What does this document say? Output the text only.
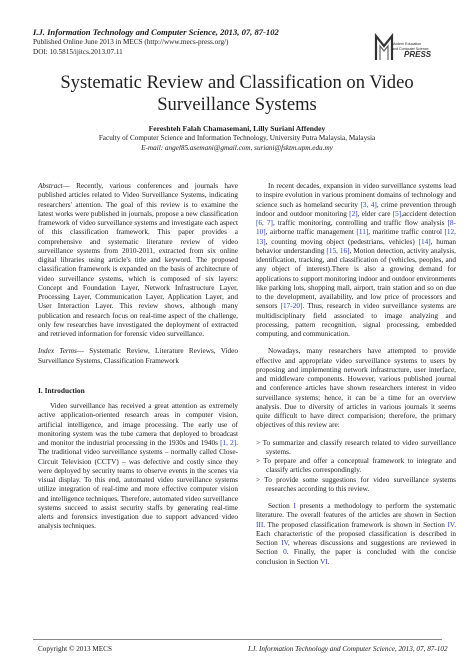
I.J. Information Technology and Computer Science, 2013, 07, 87-102
Published Online June 2013 in MECS (http://www.mecs-press.org/)
DOI: 10.5815/ijitcs.2013.07.11
Modern Education
and Computer Science
PRESS
Systematic Review and Classification on Video
Surveillance Systems
Fereshteh Falah Chamasemani, Lilly Suriani Affendey
Faculty of Computer Science and Information Technology, University Putra Malaysia, Malaysia
E-mail: angel85.asemani@gmail.com, suriani@fsktm.upm.edu.my

Abstract— Recently, various conferences and journals have published articles related to Video Surveillance Systems, indicating researchers' attention. The goal of this review is to examine the latest works were published in journals, propose a new classification framework of video surveillance systems and investigate each aspect of this classification framework. This paper provides a comprehensive and systematic literature review of video surveillance systems from 2010-2011, extracted from six online digital libraries using article's title and keyword. The proposed classification framework is expanded on the basis of architecture of video surveillance systems, which is composed of six layers: Concept and Foundation Layer, Network Infrastructure Layer, Processing Layer, Communication Layer, Application Layer, and User Interaction Layer. This review shows, although many publication and research focus on real-time aspect of the challenge, only few researches have investigated the deployment of extracted and retrieved information for forensic video surveillance.

Index Terms— Systematic Review, Literature Reviews, Video Surveillance Systems, Classification Framework

I. Introduction

Video surveillance has received a great attention as extremely active application-oriented research areas in computer vision, artificial intelligence, and image processing. The early use of monitoring system was the tube camera that deployed to broadcast and monitor the industrial processing in the 1930s and 1940s [1, 2]. The traditional video surveillance systems – normally called Close-Circuit Television (CCTV) – was defective and costly since they were deployed by security teams to observe events in the scenes via visual display. To this end, automated video surveillance systems utilize integration of real-time and more effective computer vision and intelligence techniques. Therefore, automated video surveillance systems succeed to assist security staffs by generating real-time alerts and forensics investigation due to support advanced video analysis techniques.

In recent decades, expansion in video surveillance systems lead to inspire evolution in various prominent domains of technology and science such as homeland security [3, 4], crime prevention through indoor and outdoor monitoring [2], elder care [5],accident detection [6, 7], traffic monitoring, controlling and traffic flow analysis [8-10], airborne traffic management [11], maritime traffic control [12, 13], counting moving object (pedestrians, vehicles) [14], human behavior understanding [15, 16], Motion detection, activity analysis, identification, tracking, and classification of (vehicles, peoples, and any object of interest).There is also a growing demand for applications to support monitoring indoor and outdoor environments like parking lots, shopping mall, airport, train station and so on due to the development, availability, and low price of processors and sensors [17-20]. Thus, research in video surveillance systems are multidisciplinary field associated to image analyzing and processing, pattern recognition, signal processing, embedded computing, and communication.

Nowadays, many researchers have attempted to provide effective and appropriate video surveillance systems to users by proposing and implementing network infrastructure, user interface, and middleware components. However, various published journal and conference articles have shown researchers interest in video surveillance systems; hence, it can be a time for an overview analysis. Due to diversity of articles in various journals it seems quite difficult to have direct comparision; therefore, the primary objectives of this review are:

> To summarize and classify research related to video surveillance systems.

> To prepare and offer a conceptual framework to integrate and classify articles correspondingly.

> To provide some suggestions for video surveillance systems researches according to this review.

Section I presents a methodology to perform the systematic literature. The overall features of the articles are shown in Section III. The proposed classification framework is shown in Section IV. Each characteristic of the proposed classification is described in Section IV, whereas discussions and suggestions are reviewed in Section 0. Finally, the paper is concluded with the concise conclusion in Section VI.

Copyright © 2013 MECS	I.J. Information Technology and Computer Science, 2013, 07, 87-102
